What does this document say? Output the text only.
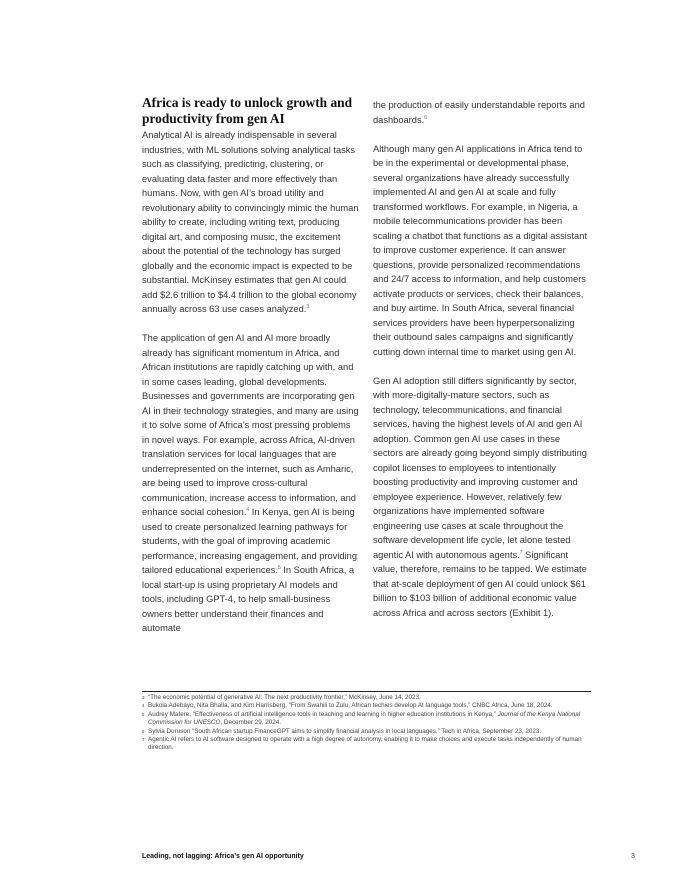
Africa is ready to unlock growth and productivity from gen AI

Analytical AI is already indispensable in several industries, with ML solutions solving analytical tasks such as classifying, predicting, clustering, or evaluating data faster and more effectively than humans. Now, with gen AI’s broad utility and revolutionary ability to convincingly mimic the human ability to create, including writing text, producing digital art, and composing music, the excitement about the potential of the technology has surged globally and the economic impact is expected to be substantial. McKinsey estimates that gen AI could add $2.6 trillion to $4.4 trillion to the global economy annually across 63 use cases analyzed.$^3$

The application of gen AI and AI more broadly already has significant momentum in Africa, and African institutions are rapidly catching up with, and in some cases leading, global developments. Businesses and governments are incorporating gen AI in their technology strategies, and many are using it to solve some of Africa’s most pressing problems in novel ways. For example, across Africa, AI-driven translation services for local languages that are underrepresented on the internet, such as Amharic, are being used to improve cross-cultural communication, increase access to information, and enhance social cohesion.$^4$ In Kenya, gen AI is being used to create personalized learning pathways for students, with the goal of improving academic performance, increasing engagement, and providing tailored educational experiences.$^5$ In South Africa, a local start-up is using proprietary AI models and tools, including GPT-4, to help small-business owners better understand their finances and automate

the production of easily understandable reports and dashboards.$^6$

Although many gen AI applications in Africa tend to be in the experimental or developmental phase, several organizations have already successfully implemented AI and gen AI at scale and fully transformed workflows. For example, in Nigeria, a mobile telecommunications provider has been scaling a chatbot that functions as a digital assistant to improve customer experience. It can answer questions, provide personalized recommendations and 24/7 access to information, and help customers activate products or services, check their balances, and buy airtime. In South Africa, several financial services providers have been hyperpersonalizing their outbound sales campaigns and significantly cutting down internal time to market using gen AI.

Gen AI adoption still differs significantly by sector, with more-digitally-mature sectors, such as technology, telecommunications, and financial services, having the highest levels of AI and gen AI adoption. Common gen AI use cases in these sectors are already going beyond simply distributing copilot licenses to employees to intentionally boosting productivity and improving customer and employee experience. However, relatively few organizations have implemented software engineering use cases at scale throughout the software development life cycle, let alone tested agentic AI with autonomous agents.$^7$ Significant value, therefore, remains to be tapped. We estimate that at-scale deployment of gen AI could unlock $61 billion to $103 billion of additional economic value across Africa and across sectors (Exhibit 1).

3 “The economic potential of generative AI: The next productivity frontier,” McKinsey, June 14, 2023.
4 Bukola Adebayo, Nita Bhalla, and Kim Harrisberg, “From Swahili to Zulu, African techies develop AI language tools,” CNBC Africa, June 18, 2024.
5 Audrey Matere, “Effectiveness of artificial intelligence tools in teaching and learning in higher education institutions in Kenya,” Journal of the Kenya National Commission for UNESCO, December 29, 2024.
6 Sylvia Duruson “South African startup FinanceGPT aims to simplify financial analysis in local languages,” Tech in Africa, September 23, 2023.
7 Agentic AI refers to AI software designed to operate with a high degree of autonomy, enabling it to make choices and execute tasks independently of human direction.
Leading, not lagging: Africa’s gen AI opportunity	3
